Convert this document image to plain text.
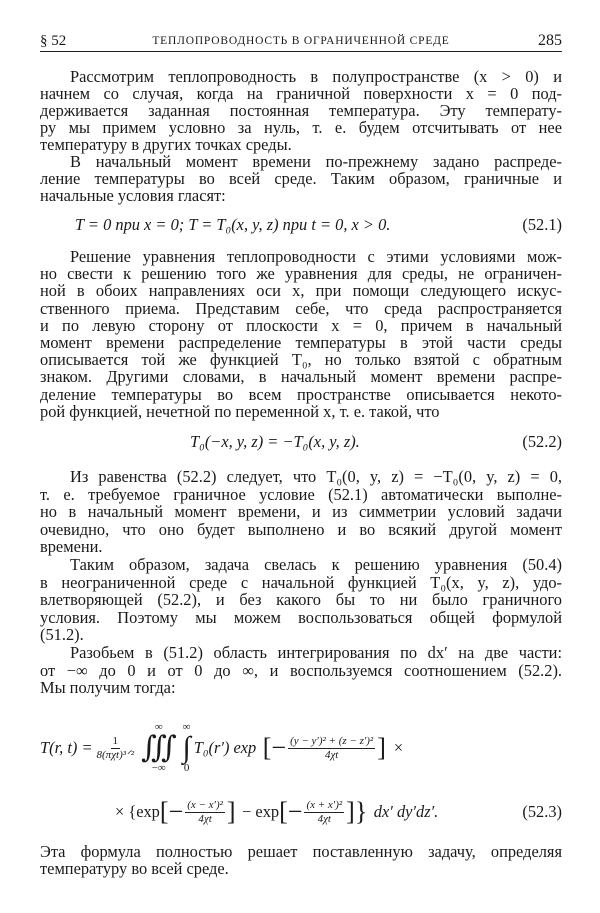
§ 52	ТЕПЛОПРОВОДНОСТЬ В ОГРАНИЧЕННОЙ СРЕДЕ	285
Рассмотрим теплопроводность в полупространстве (x > 0) и
начнем со случая, когда на граничной поверхности x = 0 под-
держивается заданная постоянная температура. Эту температу-
ру мы примем условно за нуль, т. е. будем отсчитывать от нее
температуру в других точках среды.
В начальный момент времени по-прежнему задано распреде-
ление температуры во всей среде. Таким образом, граничные и
начальные условия гласят:
Решение уравнения теплопроводности с этими условиями мож-
но свести к решению того же уравнения для среды, не ограничен-
ной в обоих направлениях оси x, при помощи следующего искус-
ственного приема. Представим себе, что среда распространяется
и по левую сторону от плоскости x = 0, причем в начальный
момент времени распределение температуры в этой части среды
описывается той же функцией T₀, но только взятой с обратным
знаком. Другими словами, в начальный момент времени распре-
деление температуры во всем пространстве описывается некото-
рой функцией, нечетной по переменной x, т. е. такой, что
Из равенства (52.2) следует, что T₀(0, y, z) = −T₀(0, y, z) = 0,
т. е. требуемое граничное условие (52.1) автоматически выполне-
но в начальный момент времени, и из симметрии условий задачи
очевидно, что оно будет выполнено и во всякий другой момент
времени.
Таким образом, задача свелась к решению уравнения (50.4)
в неограниченной среде с начальной функцией T₀(x, y, z), удо-
влетворяющей (52.2), и без какого бы то ни было граничного
условия. Поэтому мы можем воспользоваться общей формулой
(51.2).
Разобьем в (51.2) область интегрирования по dx′ на две части:
от −∞ до 0 и от 0 до ∞, и воспользуемся соотношением (52.2).
Мы получим тогда:
Эта формула полностью решает поставленную задачу, определяя
температуру во всей среде.
T = 0 при x = 0; T = T₀(x, y, z) при t = 0, x > 0.	(52.1)
T₀(−x, y, z) = −T₀(x, y, z).	(52.2)
T(r, $t) = \frac{1}{\text{8(πχt)³ᐟ²}}$
∞
∭
−∞
∞
∫
0
T₀(r′) exp [− $\frac{\text{(y − y′)² + (z − z′)²}}{4\chi t}$ ] ×
× {exp [− $\frac{\text{(x − x′)²}}{4\chi t}$ ] − exp [− $\frac{\text{(x + x′)²}}{4\chi t}$ ]} dx′ dy′dz′.	(52.3)
